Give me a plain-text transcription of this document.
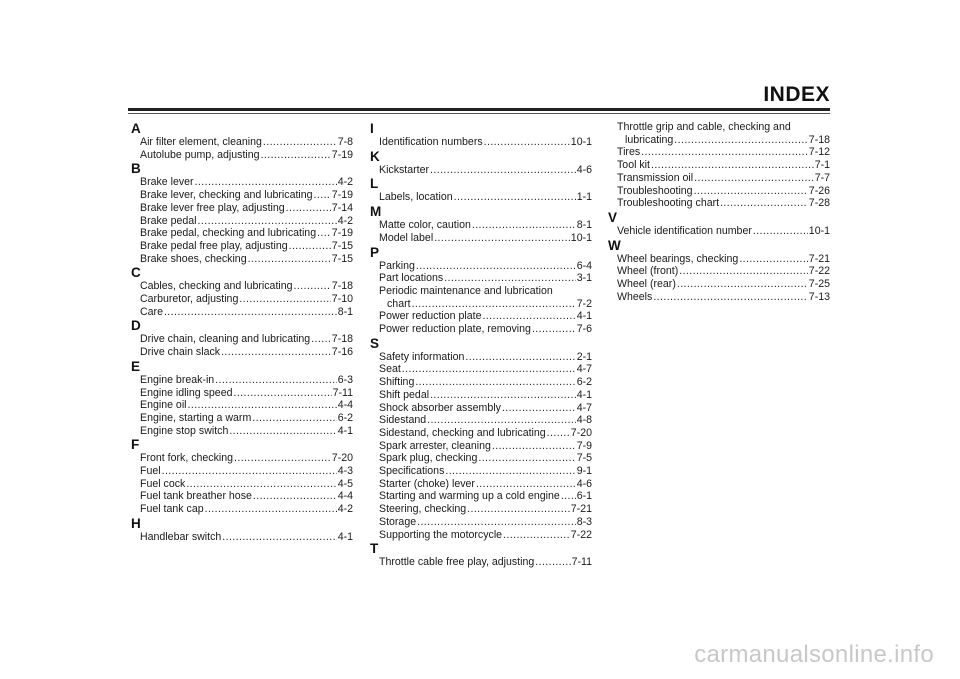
INDEX
A
Air filter element, cleaning .....	7-8
Autolube pump, adjusting .....	7-19
B
Brake lever .....	4-2
Brake lever, checking and lubricating ..... 7-19
Brake lever free play, adjusting .....	7-14
Brake pedal .....	4-2
Brake pedal, checking and lubricating ..... 7-19
Brake pedal free play, adjusting .....	7-15
Brake shoes, checking .....	7-15
C
Cables, checking and lubricating .....	7-18
Carburetor, adjusting .....	7-10
Care .....	8-1
D
Drive chain, cleaning and lubricating ..... 7-18
Drive chain slack .....	7-16
E
Engine break-in .....	6-3
Engine idling speed .....	7-11
Engine oil .....	4-4
Engine, starting a warm .....	6-2
Engine stop switch .....	4-1
F
Front fork, checking .....	7-20
Fuel .....	4-3
Fuel cock .....	4-5
Fuel tank breather hose .....	4-4
Fuel tank cap .....	4-2
H
Handlebar switch .....	4-1
I
Identification numbers .....	10-1
K
Kickstarter .....	4-6
L
Labels, location .....	1-1
M
Matte color, caution .....	8-1
Model label .....	10-1
P
Parking .....	6-4
Part locations .....	3-1
Periodic maintenance and lubrication
chart .....	7-2
Power reduction plate .....	4-1
Power reduction plate, removing .....	7-6
S
Safety information .....	2-1
Seat .....	4-7
Shifting .....	6-2
Shift pedal .....	4-1
Shock absorber assembly .....	4-7
Sidestand .....	4-8
Sidestand, checking and lubricating ..... 7-20
Spark arrester, cleaning .....	7-9
Spark plug, checking .....	7-5
Specifications .....	9-1
Starter (choke) lever .....	4-6
Starting and warming up a cold engine ..... 6-1
Steering, checking .....	7-21
Storage .....	8-3
Supporting the motorcycle .....	7-22
T
Throttle cable free play, adjusting .....	7-11
Throttle grip and cable, checking and
lubricating .....	7-18
Tires .....	7-12
Tool kit .....	7-1
Transmission oil .....	7-7
Troubleshooting .....	7-26
Troubleshooting chart .....	7-28
V
Vehicle identification number .....	10-1
W
Wheel bearings, checking .....	7-21
Wheel (front) .....	7-22
Wheel (rear) .....	7-25
Wheels .....	7-13
carmanualsonline.info
